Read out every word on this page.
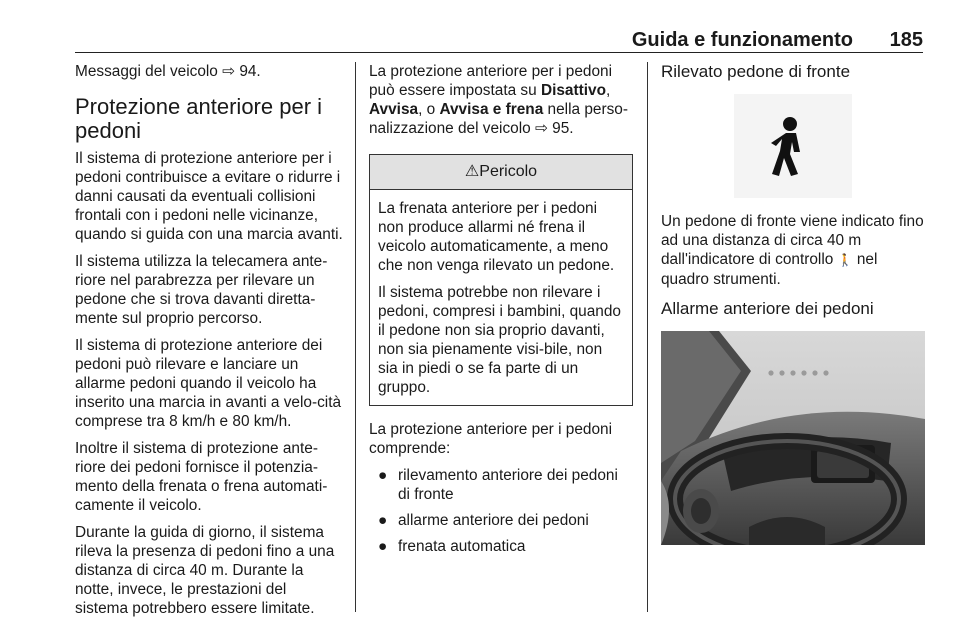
Guida e funzionamento 185

Messaggi del veicolo ⇨ 94.

Protezione anteriore per i pedoni

Il sistema di protezione anteriore per i pedoni contribuisce a evitare o ridurre i danni causati da eventuali collisioni frontali con i pedoni nelle vicinanze, quando si guida con una marcia avanti.

Il sistema utilizza la telecamera ante-riore nel parabrezza per rilevare un pedone che si trova davanti diretta-mente sul proprio percorso.

Il sistema di protezione anteriore dei pedoni può rilevare e lanciare un allarme pedoni quando il veicolo ha inserito una marcia in avanti a velo-cità comprese tra 8 km/h e 80 km/h.

Inoltre il sistema di protezione ante-riore dei pedoni fornisce il potenzia-mento della frenata o frena automati-camente il veicolo.

Durante la guida di giorno, il sistema rileva la presenza di pedoni fino a una distanza di circa 40 m. Durante la notte, invece, le prestazioni del sistema potrebbero essere limitate.

La protezione anteriore per i pedoni può essere impostata su Disattivo, Avvisa, o Avvisa e frena nella perso-nalizzazione del veicolo ⇨ 95.

⚠Pericolo

La frenata anteriore per i pedoni non produce allarmi né frena il veicolo automaticamente, a meno che non venga rilevato un pedone.

Il sistema potrebbe non rilevare i pedoni, compresi i bambini, quando il pedone non sia proprio davanti, non sia pienamente visi-bile, non sia in piedi o se fa parte di un gruppo.

La protezione anteriore per i pedoni comprende:

● rilevamento anteriore dei pedoni di fronte
● allarme anteriore dei pedoni
● frenata automatica
Rilevato pedone di fronte

Un pedone di fronte viene indicato fino ad una distanza di circa 40 m dall'indicatore di controllo 🚶 nel quadro strumenti.

Allarme anteriore dei pedoni
